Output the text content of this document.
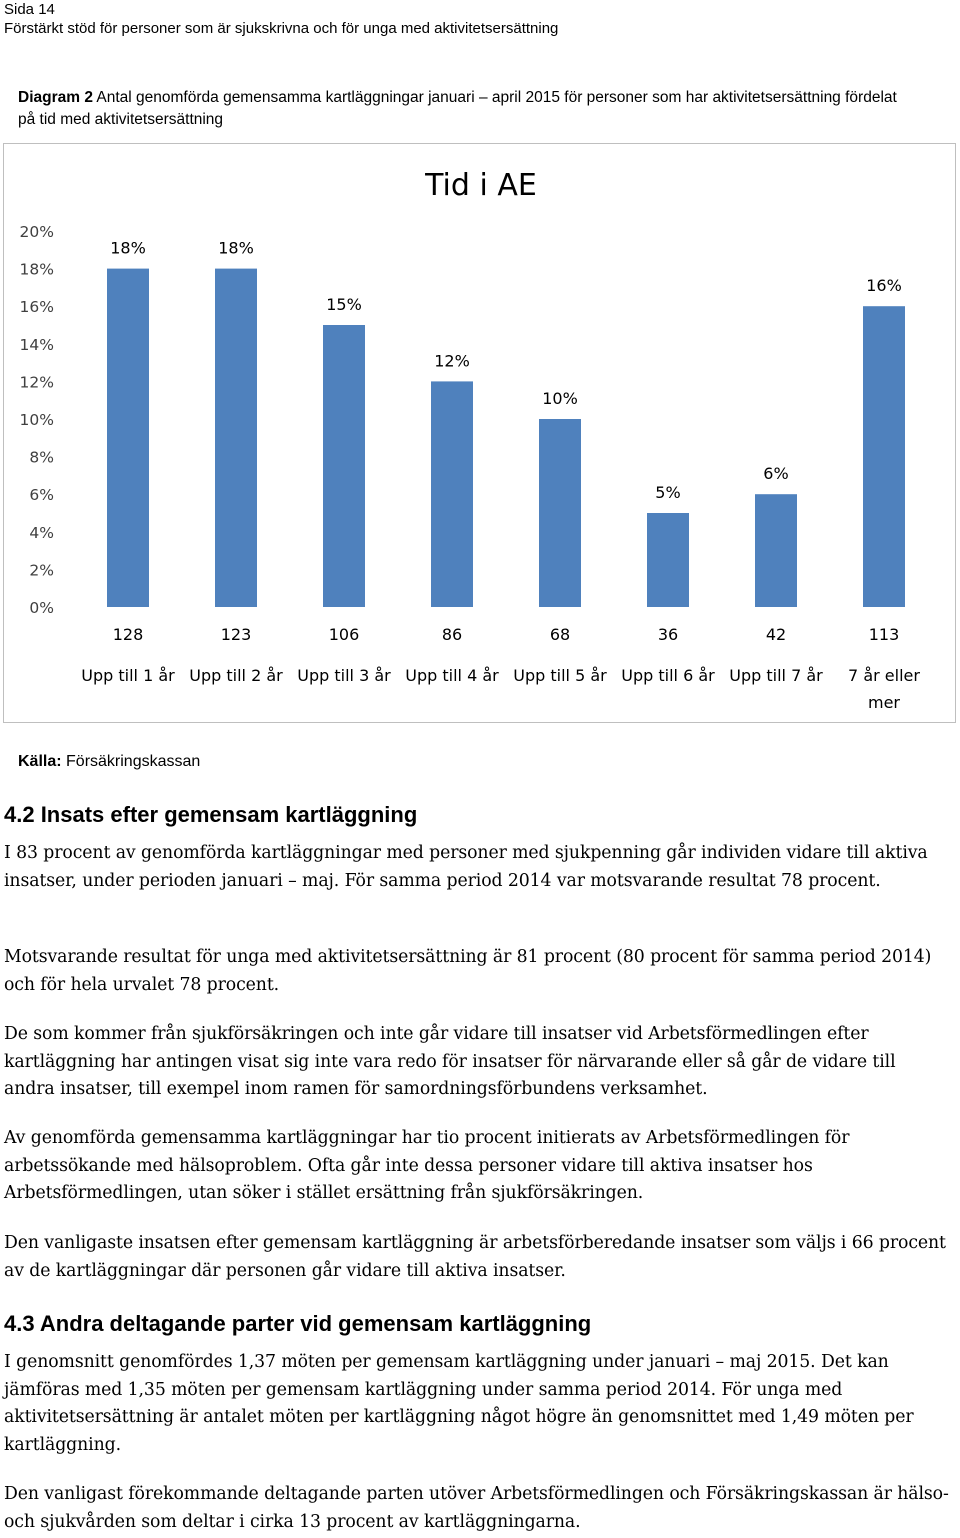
Sida 14
Förstärkt stöd för personer som är sjukskrivna och för unga med aktivitetsersättning
Diagram 2 Antal genomförda gemensamma kartläggningar januari – april 2015 för personer som har aktivitetsersättning fördelat på tid med aktivitetsersättning
Tid i AE
0%
2%
4%
6%
8%
10%
12%
14%
16%
18%
20%
18%
128
Upp till 1 år
18%
123
Upp till 2 år
15%
106
Upp till 3 år
12%
86
Upp till 4 år
10%
68
Upp till 5 år
5%
36
Upp till 6 år
6%
42
Upp till 7 år
16%
113
7 år eller
mer
Källa: Försäkringskassan
4.2 Insats efter gemensam kartläggning
I 83 procent av genomförda kartläggningar med personer med sjukpenning går individen vidare till aktiva insatser, under perioden januari – maj. För samma period 2014 var motsvarande resultat 78 procent.
Motsvarande resultat för unga med aktivitetsersättning är 81 procent (80 procent för samma period 2014) och för hela urvalet 78 procent.
De som kommer från sjukförsäkringen och inte går vidare till insatser vid Arbetsförmedlingen efter kartläggning har antingen visat sig inte vara redo för insatser för närvarande eller så går de vidare till andra insatser, till exempel inom ramen för samordningsförbundens verksamhet.
Av genomförda gemensamma kartläggningar har tio procent initierats av Arbetsförmedlingen för arbetssökande med hälsoproblem. Ofta går inte dessa personer vidare till aktiva insatser hos Arbetsförmedlingen, utan söker i stället ersättning från sjukförsäkringen.
Den vanligaste insatsen efter gemensam kartläggning är arbetsförberedande insatser som väljs i 66 procent av de kartläggningar där personen går vidare till aktiva insatser.
4.3 Andra deltagande parter vid gemensam kartläggning
I genomsnitt genomfördes 1,37 möten per gemensam kartläggning under januari – maj 2015. Det kan jämföras med 1,35 möten per gemensam kartläggning under samma period 2014. För unga med aktivitetsersättning är antalet möten per kartläggning något högre än genomsnittet med 1,49 möten per kartläggning.
Den vanligast förekommande deltagande parten utöver Arbetsförmedlingen och Försäkringskassan är hälso- och sjukvården som deltar i cirka 13 procent av kartläggningarna.
